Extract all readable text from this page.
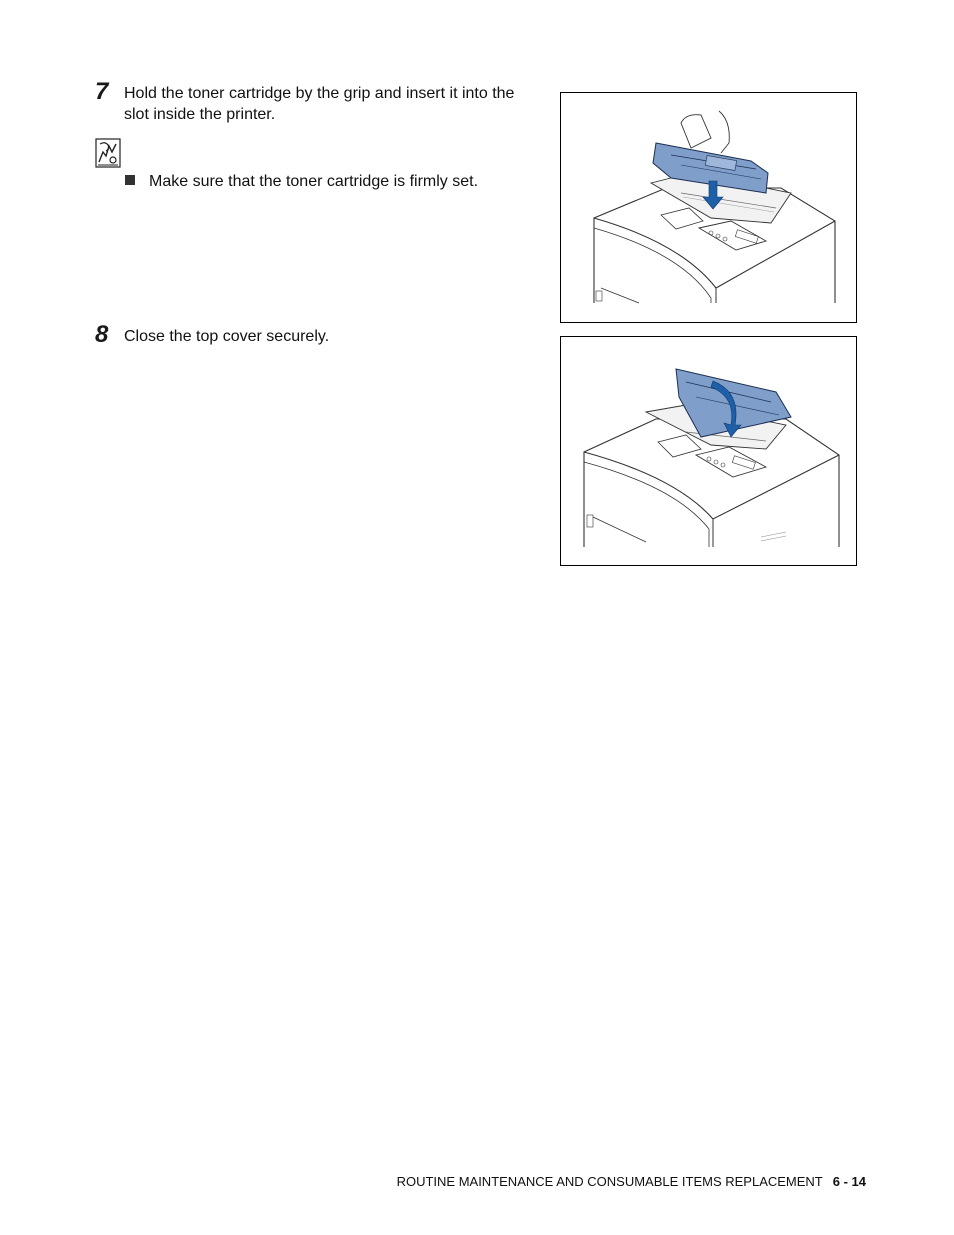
7 Hold the toner cartridge by the grip and insert it into the
slot inside the printer.
Make sure that the toner cartridge is firmly set.
8 Close the top cover securely.
ROUTINE MAINTENANCE AND CONSUMABLE ITEMS REPLACEMENT 6 - 14
